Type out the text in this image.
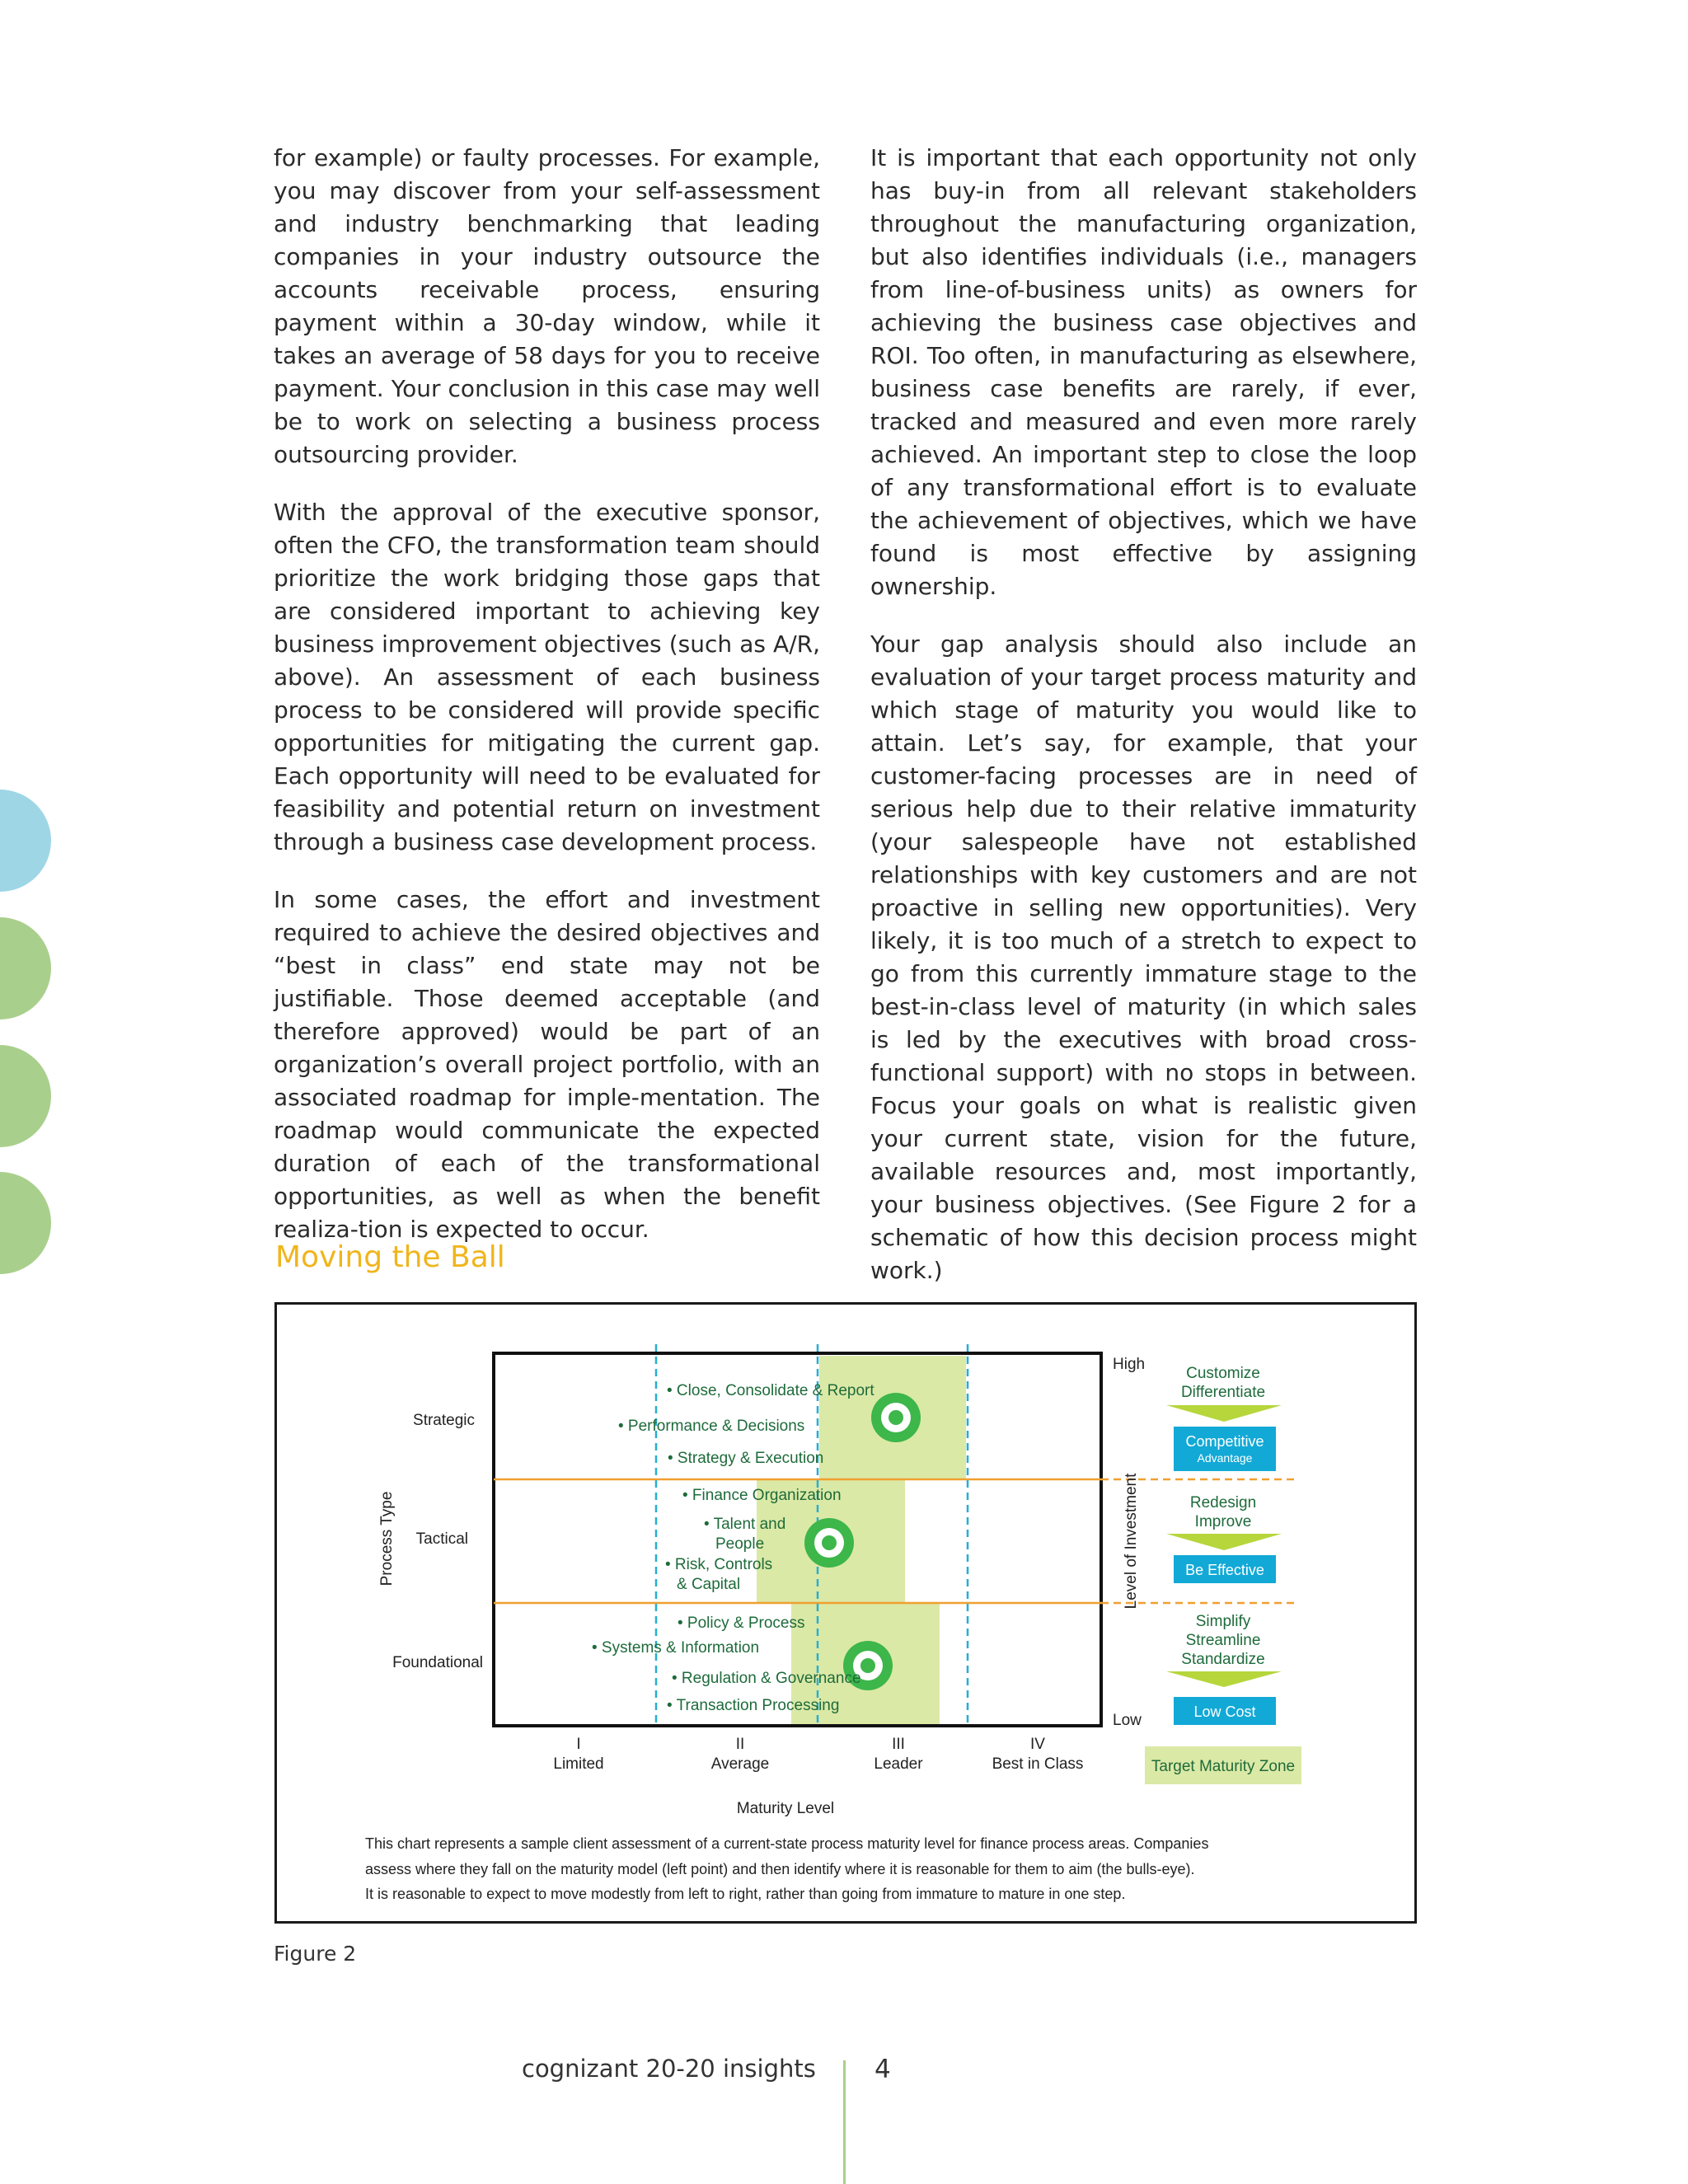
for example) or faulty processes. For example, you may discover from your self-assessment and industry benchmarking that leading companies in your industry outsource the accounts receivable process, ensuring payment within a 30-day window, while it takes an average of 58 days for you to receive payment. Your conclusion in this case may well be to work on selecting a business process outsourcing provider.

With the approval of the executive sponsor, often the CFO, the transformation team should prioritize the work bridging those gaps that are considered important to achieving key business improvement objectives (such as A/R, above). An assessment of each business process to be considered will provide specific opportunities for mitigating the current gap. Each opportunity will need to be evaluated for feasibility and potential return on investment through a business case development process.

In some cases, the effort and investment required to achieve the desired objectives and “best in class” end state may not be justifiable. Those deemed acceptable (and therefore approved) would be part of an organization’s overall project portfolio, with an associated roadmap for imple-mentation. The roadmap would communicate the expected duration of each of the transformational opportunities, as well as when the benefit realiza-tion is expected to occur.

It is important that each opportunity not only has buy-in from all relevant stakeholders throughout the manufacturing organization, but also identifies individuals (i.e., managers from line-of-business units) as owners for achieving the business case objectives and ROI. Too often, in manufacturing as elsewhere, business case benefits are rarely, if ever, tracked and measured and even more rarely achieved. An important step to close the loop of any transformational effort is to evaluate the achievement of objectives, which we have found is most effective by assigning ownership.

Your gap analysis should also include an evaluation of your target process maturity and which stage of maturity you would like to attain. Let’s say, for example, that your customer-facing processes are in need of serious help due to their relative immaturity (your salespeople have not established relationships with key customers and are not proactive in selling new opportunities). Very likely, it is too much of a stretch to expect to go from this currently immature stage to the best-in-class level of maturity (in which sales is led by the executives with broad cross-functional support) with no stops in between. Focus your goals on what is realistic given your current state, vision for the future, available resources and, most importantly, your business objectives. (See Figure 2 for a schematic of how this decision process might work.)

Moving the Ball
• Close, Consolidate & Report
• Performance & Decisions
• Strategy & Execution
• Finance Organization
• Talent and
People
• Risk, Controls
& Capital
• Policy & Process
• Systems & Information
• Regulation & Governance
• Transaction Processing
Strategic
Tactical
Foundational
Process Type
I
Limited
II
Average
III
Leader
IV
Best in Class
Maturity Level
High
Low
Level of Investment
Customize
Differentiate
Competitive
Advantage
Redesign
Improve
Be Effective
Simplify
Streamline
Standardize
Low Cost
Target Maturity Zone
This chart represents a sample client assessment of a current-state process maturity level for finance process areas. Companies
assess where they fall on the maturity model (left point) and then identify where it is reasonable for them to aim (the bulls-eye).
It is reasonable to expect to move modestly from left to right, rather than going from immature to mature in one step.
Figure 2
cognizant 20-20 insights 4
